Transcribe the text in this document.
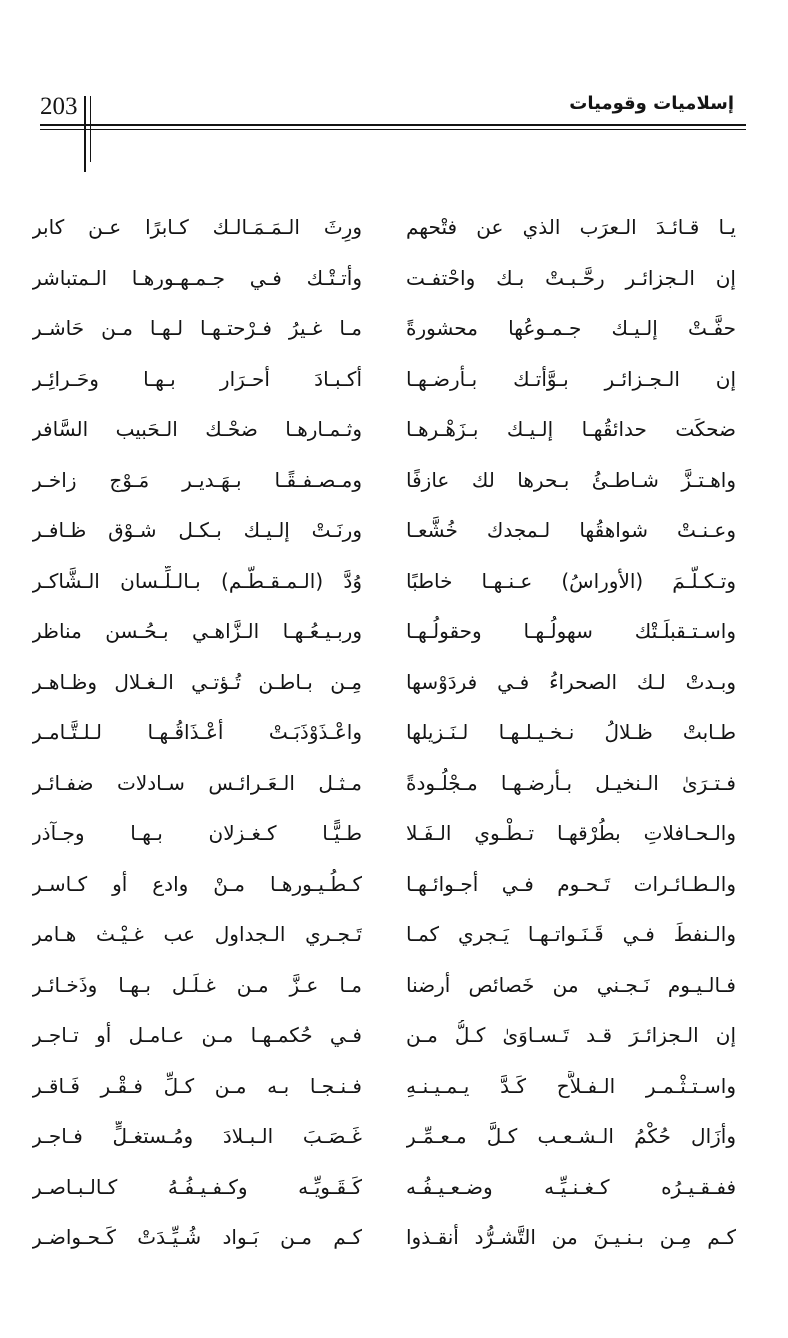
203	إسلاميات وقوميات
يـا قـائـدَ الـعرَب الذي عن فتْحهم
ورِثَ الـمَـمَـالـك كـابرًا عـن كابر
إن الـجزائـر رحَّـبـتْ بـك واحْتفـت
وأتـتْـك فـي جـمـهـورهـا الـمتباشر
حفَّـتْ إلـيـك جـمـوعُها محشورةً
مـا غـيرُ فـرْحتـهـا لـهـا مـن حَاشـر
إن الـجـزائـر بـوَّأتـك بـأرضـهـا
أكـبـادَ أحـرَار بـهـا وحَـرائِـر
ضحكَت حدائقُهـا إلـيـك بـزَهْـرهـا
وثـمـارهـا ضحْـك الـحَبيب السَّافر
واهـتـزَّ شـاطـئُ بـحرها لك عازفًا
ومـصـفـقًـا بـهَـديـر مَـوْج زاخـر
وعـنـتْ شواهقُها لـمجدك خُشَّعـا
ورنَـتْ إلـيـك بـكـل شـوْق ظـافـر
وتـكـلَّـمَ (الأوراسُ) عـنـهـا خاطبًا
وُدَّ (الـمـقـطَّـم) بـالـلِّـسان الـشَّاكـر
واسـتـقبلَـتْك سهولُـهـا وحقولُـهـا
وربـيـعُـهـا الـزَّاهـي بـحُـسن مناظر
وبـدتْ لـك الصحراءُ فـي فردَوْسها
مِـن بـاطـن تُـؤتـي الـغـلال وظـاهـر
طـابتْ ظـلالُ نـخـيـلـهـا لـنَـزيلها
واعْـذَوْذَبَـتْ أعْـذَاقُـهـا لـلـتَّـامـر
فـتـرَىٰ الـنخيـل بـأرضـهـا مـجْلُـودةً
مـثـل الـعَـرائـس سـادلات ضفـائـر
والـحـافلاتِ بطُرْقهـا تـطْـوي الـفَـلا
طـيًّـا كـغـزلان بـهـا وجـآذر
والـطـائـرات تَـحـوم فـي أجـوائـهـا
كـطُـيـورهـا مـنْ وادع أو كـاسـر
والـنفطَ فـي قَـنَـواتـهـا يَـجري كمـا
تَـجـري الـجداول عب غـيْـث هـامر
فـالـيـوم نَـجـني من خَصائص أرضنا
مـا عـزَّ مـن غـلَـل بـهـا وذَخـائـر
إن الـجزائـرَ قـد تَـسـاوَىٰ كـلُّ مـن
فـي حُكمـهـا مـن عـامـل أو تـاجـر
واسـتـثْـمـر الـفـلاَّح كَـدَّ يـمـيـنـهِ
فـنـجـا بـه مـن كـلِّ فـقْـر فَـاقـر
وأزَال حُكْمُ الـشـعـب كـلَّ مـعـمِّـر
غَـصَـبَ الـبـلادَ ومُـستغـلٍّ فـاجـر
ففـقـيـرُه كـغـنـيِّـه وضـعـيـفُـه
كَـقَـويِّـه وكـفـيـفُـهُ كـالـبـاصـر
كـم مِـن بـنـيـنَ من التَّشـرُّد أنقـذوا
كـم مـن بَـواد شُـيِّـدَتْ كَـحـواضـر
